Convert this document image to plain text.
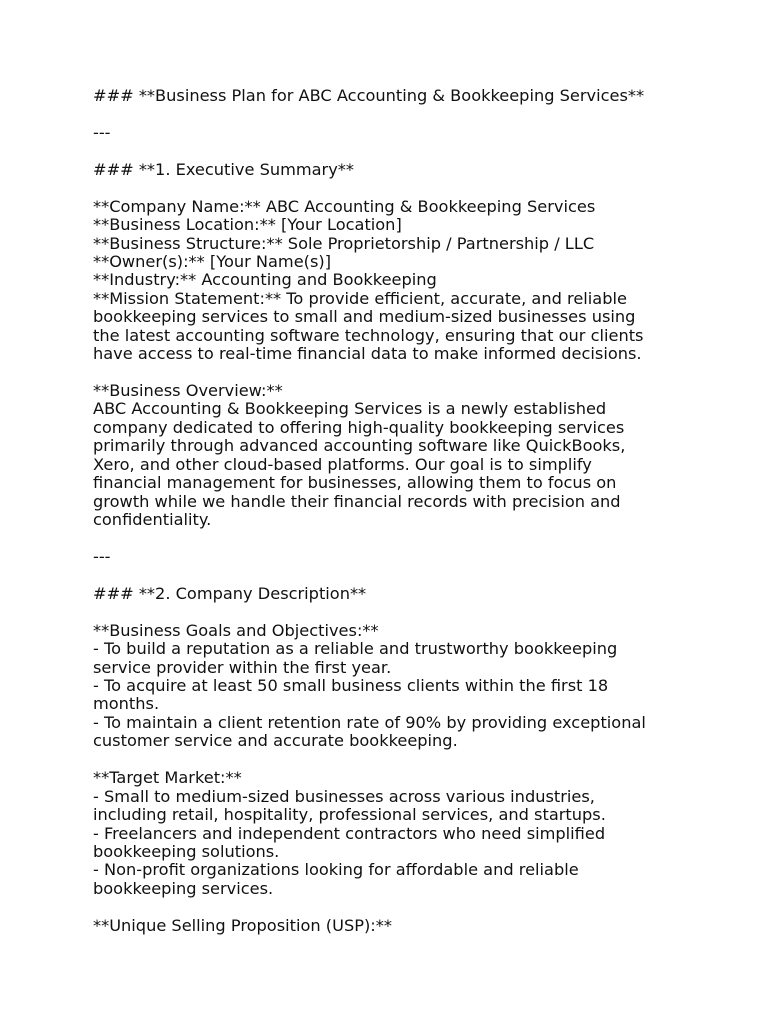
### **Business Plan for ABC Accounting & Bookkeeping Services**
---
### **1. Executive Summary**
**Company Name:** ABC Accounting & Bookkeeping Services
**Business Location:** [Your Location]
**Business Structure:** Sole Proprietorship / Partnership / LLC
**Owner(s):** [Your Name(s)]
**Industry:** Accounting and Bookkeeping
**Mission Statement:** To provide efficient, accurate, and reliable
bookkeeping services to small and medium-sized businesses using
the latest accounting software technology, ensuring that our clients
have access to real-time financial data to make informed decisions.
**Business Overview:**
ABC Accounting & Bookkeeping Services is a newly established
company dedicated to offering high-quality bookkeeping services
primarily through advanced accounting software like QuickBooks,
Xero, and other cloud-based platforms. Our goal is to simplify
financial management for businesses, allowing them to focus on
growth while we handle their financial records with precision and
confidentiality.
---
### **2. Company Description**
**Business Goals and Objectives:**
- To build a reputation as a reliable and trustworthy bookkeeping
service provider within the first year.
- To acquire at least 50 small business clients within the first 18
months.
- To maintain a client retention rate of 90% by providing exceptional
customer service and accurate bookkeeping.
**Target Market:**
- Small to medium-sized businesses across various industries,
including retail, hospitality, professional services, and startups.
- Freelancers and independent contractors who need simplified
bookkeeping solutions.
- Non-profit organizations looking for affordable and reliable
bookkeeping services.
**Unique Selling Proposition (USP):**
